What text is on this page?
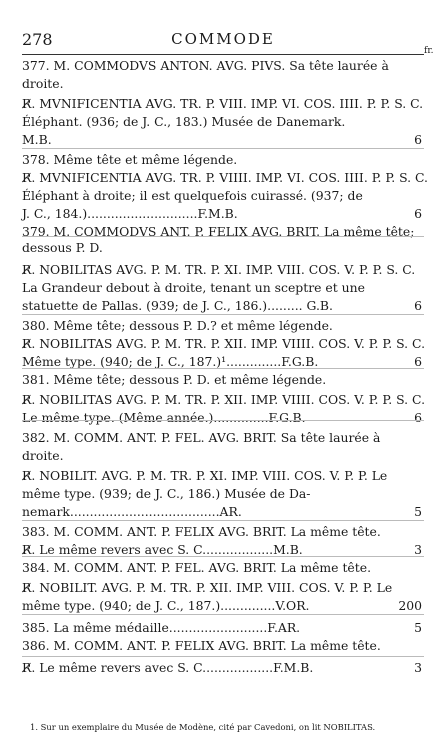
278	COMMODE
fr.
377. M. COMMODVS ANTON. AVG. PIVS. Sa tête laurée à
droite.
R̸. MVNIFICENTIA AVG. TR. P. VIII. IMP. VI. COS. IIII. P. P. S. C.
Éléphant. (936; de J. C., 183.) Musée de Danemark.
M.B.	6
378. Même tête et même légende.
R̸. MVNIFICENTIA AVG. TR. P. VIIII. IMP. VI. COS. IIII. P. P. S. C.
Éléphant à droite; il est quelquefois cuirassé. (937; de
J. C., 184.)............................F.M.B.	6
379. M. COMMODVS ANT. P. FELIX AVG. BRIT. La même tête;
dessous P. D.
R̸. NOBILITAS AVG. P. M. TR. P. XI. IMP. VIII. COS. V. P. P. S. C.
La Grandeur debout à droite, tenant un sceptre et une
statuette de Pallas. (939; de J. C., 186.)......... G.B.	6
380. Même tête; dessous P. D.? et même légende.
R̸. NOBILITAS AVG. P. M. TR. P. XII. IMP. VIIII. COS. V. P. P. S. C.
Même type. (940; de J. C., 187.)¹..............F.G.B.	6
381. Même tête; dessous P. D. et même légende.
R̸. NOBILITAS AVG. P. M. TR. P. XII. IMP. VIIII. COS. V. P. P. S. C.
Le même type. (Même année.)..............F.G.B.	6
382. M. COMM. ANT. P. FEL. AVG. BRIT. Sa tête laurée à
droite.
R̸. NOBILIT. AVG. P. M. TR. P. XI. IMP. VIII. COS. V. P. P. Le
même type. (939; de J. C., 186.) Musée de Da-
nemark......................................AR.	5
383. M. COMM. ANT. P. FELIX AVG. BRIT. La même tête.
R̸. Le même revers avec S. C..................M.B.	3
384. M. COMM. ANT. P. FEL. AVG. BRIT. La même tête.
R̸. NOBILIT. AVG. P. M. TR. P. XII. IMP. VIII. COS. V. P. P. Le
même type. (940; de J. C., 187.)..............V.OR.	200
385. La même médaille.........................F.AR.	5
386. M. COMM. ANT. P. FELIX AVG. BRIT. La même tête.
R̸. Le même revers avec S. C..................F.M.B.	3
1. Sur un exemplaire du Musée de Modène, cité par Cavedoni, on lit NOBILITAS.
